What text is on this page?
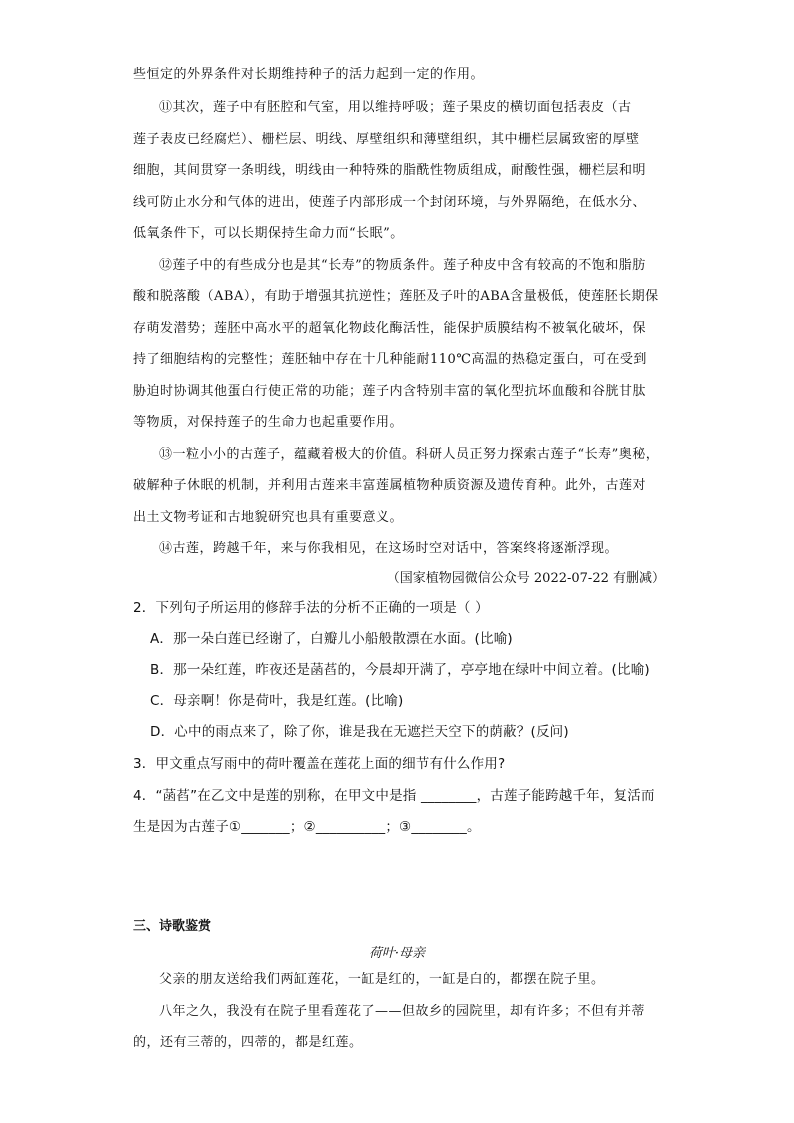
些恒定的外界条件对长期维持种子的活力起到一定的作用。
⑪其次，莲子中有胚腔和气室，用以维持呼吸；莲子果皮的横切面包括表皮（古
莲子表皮已经腐烂）、栅栏层、明线、厚壁组织和薄壁组织，其中栅栏层属致密的厚壁
细胞，其间贯穿一条明线，明线由一种特殊的脂酰性物质组成，耐酸性强，栅栏层和明
线可防止水分和气体的进出，使莲子内部形成一个封闭环境，与外界隔绝，在低水分、
低氧条件下，可以长期保持生命力而“长眠”。
⑫莲子中的有些成分也是其“长寿”的物质条件。莲子种皮中含有较高的不饱和脂肪
酸和脱落酸（ABA），有助于增强其抗逆性；莲胚及子叶的ABA含量极低，使莲胚长期保
存萌发潜势；莲胚中高水平的超氧化物歧化酶活性，能保护质膜结构不被氧化破坏，保
持了细胞结构的完整性；莲胚轴中存在十几种能耐110℃高温的热稳定蛋白，可在受到
胁迫时协调其他蛋白行使正常的功能；莲子内含特别丰富的氧化型抗坏血酸和谷胱甘肽
等物质，对保持莲子的生命力也起重要作用。
⑬一粒小小的古莲子，蕴藏着极大的价值。科研人员正努力探索古莲子“长寿”奥秘，
破解种子休眠的机制，并利用古莲来丰富莲属植物种质资源及遗传育种。此外，古莲对
出土文物考证和古地貌研究也具有重要意义。
⑭古莲，跨越千年，来与你我相见，在这场时空对话中，答案终将逐渐浮现。
（国家植物园微信公众号 2022-07-22 有删减）
2．下列句子所运用的修辞手法的分析不正确的一项是（ ）
A．那一朵白莲已经谢了，白瓣儿小船般散漂在水面。(比喻)
B．那一朵红莲，昨夜还是菡萏的，今晨却开满了，亭亭地在绿叶中间立着。(比喻)
C．母亲啊！你是荷叶，我是红莲。(比喻)
D．心中的雨点来了，除了你，谁是我在无遮拦天空下的荫蔽？(反问)
3．甲文重点写雨中的荷叶覆盖在莲花上面的细节有什么作用?
4．“菡萏”在乙文中是莲的别称，在甲文中是指 ________，古莲子能跨越千年，复活而
生是因为古莲子①_______；②__________；③________。
三、诗歌鉴赏
荷叶·母亲
父亲的朋友送给我们两缸莲花，一缸是红的，一缸是白的，都摆在院子里。
八年之久，我没有在院子里看莲花了——但故乡的园院里，却有许多；不但有并蒂
的，还有三蒂的，四蒂的，都是红莲。
